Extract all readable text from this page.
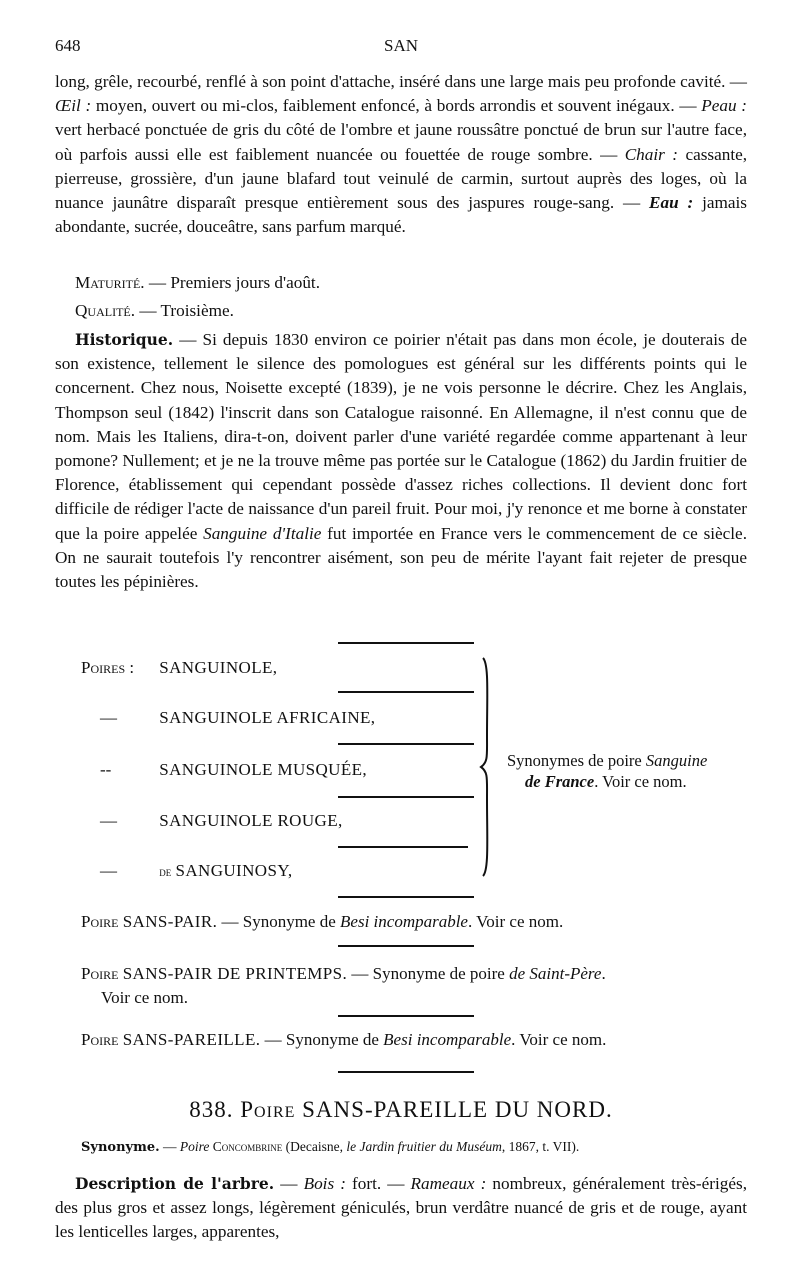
648	SAN

long, grêle, recourbé, renflé à son point d'attache, inséré dans une large mais peu profonde cavité. — Œil : moyen, ouvert ou mi-clos, faiblement enfoncé, à bords arrondis et souvent inégaux. — Peau : vert herbacé ponctuée de gris du côté de l'ombre et jaune roussâtre ponctué de brun sur l'autre face, où parfois aussi elle est faiblement nuancée ou fouettée de rouge sombre. — Chair : cassante, pierreuse, grossière, d'un jaune blafard tout veinulé de carmin, surtout auprès des loges, où la nuance jaunâtre disparaît presque entièrement sous des jaspures rouge-sang. — Eau : jamais abondante, sucrée, douceâtre, sans parfum marqué.

Maturité. — Premiers jours d'août.

Qualité. — Troisième.

Historique. — Si depuis 1830 environ ce poirier n'était pas dans mon école, je douterais de son existence, tellement le silence des pomologues est général sur les différents points qui le concernent. Chez nous, Noisette excepté (1839), je ne vois personne le décrire. Chez les Anglais, Thompson seul (1842) l'inscrit dans son Catalogue raisonné. En Allemagne, il n'est connu que de nom. Mais les Italiens, dira-t-on, doivent parler d'une variété regardée comme appartenant à leur pomone? Nullement; et je ne la trouve même pas portée sur le Catalogue (1862) du Jardin fruitier de Florence, établissement qui cependant possède d'assez riches collections. Il devient donc fort difficile de rédiger l'acte de naissance d'un pareil fruit. Pour moi, j'y renonce et me borne à constater que la poire appelée Sanguine d'Italie fut importée en France vers le commencement de ce siècle. On ne saurait toutefois l'y rencontrer aisément, son peu de mérite l'ayant fait rejeter de presque toutes les pépinières.

Poires : SANGUINOLE,
— SANGUINOLE AFRICAINE,
--	SANGUINOLE MUSQUÉE,
— SANGUINOLE ROUGE,
—	de SANGUINOSY,
Synonymes de poire Sanguine
de France. Voir ce nom.
Poire SANS-PAIR. — Synonyme de Besi incomparable. Voir ce nom.
Poire SANS-PAIR DE PRINTEMPS. — Synonyme de poire de Saint-Père.
Voir ce nom.
Poire SANS-PAREILLE. — Synonyme de Besi incomparable. Voir ce nom.
838. Poire SANS-PAREILLE DU NORD.
Synonyme. — Poire Concombrine (Decaisne, le Jardin fruitier du Muséum, 1867, t. VII).

Description de l'arbre. — Bois : fort. — Rameaux : nombreux, généralement très-érigés, des plus gros et assez longs, légèrement géniculés, brun verdâtre nuancé de gris et de rouge, ayant les lenticelles larges, apparentes,
